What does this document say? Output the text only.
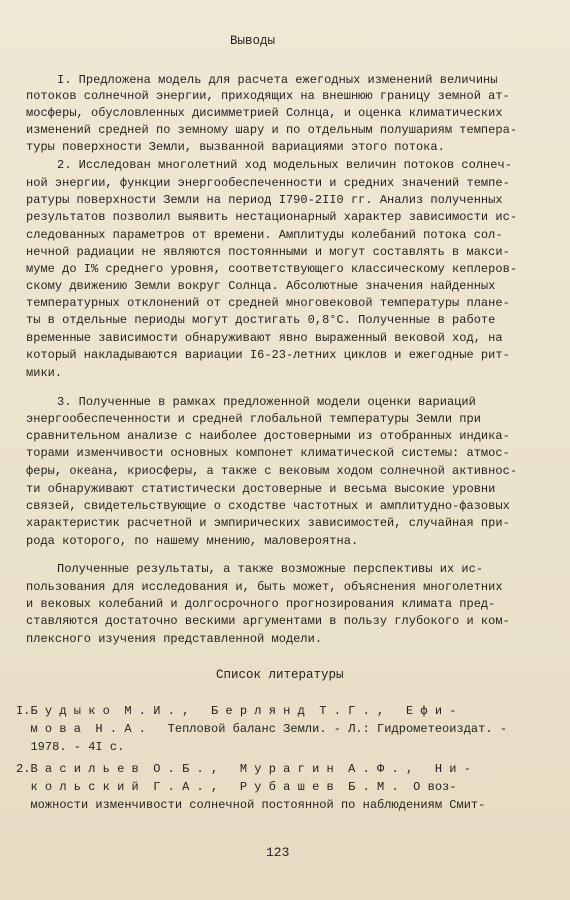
Выводы
I. Предложена модель для расчета ежегодных изменений величины
потоков солнечной энергии, приходящих на внешнюю границу земной ат-
мосферы, обусловленных дисимметрией Солнца, и оценка климатических
изменений средней по земному шару и по отдельным полушариям темпера-
туры поверхности Земли, вызванной вариациями этого потока.
2. Исследован многолетний ход модельных величин потоков солнеч-
ной энергии, функции энергообеспеченности и средних значений темпе-
ратуры поверхности Земли на период I790-2II0 гг. Анализ полученных
результатов позволил выявить нестационарный характер зависимости ис-
следованных параметров от времени. Амплитуды колебаний потока сол-
нечной радиации не являются постоянными и могут составлять в макси-
муме до I% среднего уровня, соответствующего классическому кеплеров-
скому движению Земли вокруг Солнца. Абсолютные значения найденных
температурных отклонений от средней многовековой температуры плане-
ты в отдельные периоды могут достигать 0,8°С. Полученные в работе
временные зависимости обнаруживают явно выраженный вековой ход, на
который накладываются вариации I6-23-летних циклов и ежегодные рит-
мики.
3. Полученные в рамках предложенной модели оценки вариаций
энергообеспеченности и средней глобальной температуры Земли при
сравнительном анализе с наиболее достоверными из отобранных индика-
торами изменчивости основных компонет климатической системы: атмос-
феры, океана, криосферы, а также с вековым ходом солнечной активнос-
ти обнаруживают статистически достоверные и весьма высокие уровни
связей, свидетельствующие о сходстве частотных и амплитудно-фазовых
характеристик расчетной и эмпирических зависимостей, случайная при-
рода которого, по нашему мнению, маловероятна.
Полученные результаты, а также возможные перспективы их ис-
пользования для исследования и, быть может, объяснения многолетних
и вековых колебаний и долгосрочного прогнозирования климата пред-
ставляются достаточно вескими аргументами в пользу глубокого и ком-
плексного изучения представленной модели.
Список литературы
I.Б у д ы к о  М . И . ,   Б е р л я н д  Т . Г . ,   Е ф и -
м о в а  Н . А .   Тепловой баланс Земли. - Л.: Гидрометеоиздат. -
1978. - 4I с.
2.В а с и л ь е в  О . Б . ,   М у р а г и н  А . Ф . ,   Н и -
к о л ь с к и й  Г . А . ,   Р у б а ш е в  Б . М .  О воз-
можности изменчивости солнечной постоянной по наблюдениям Смит-
123
